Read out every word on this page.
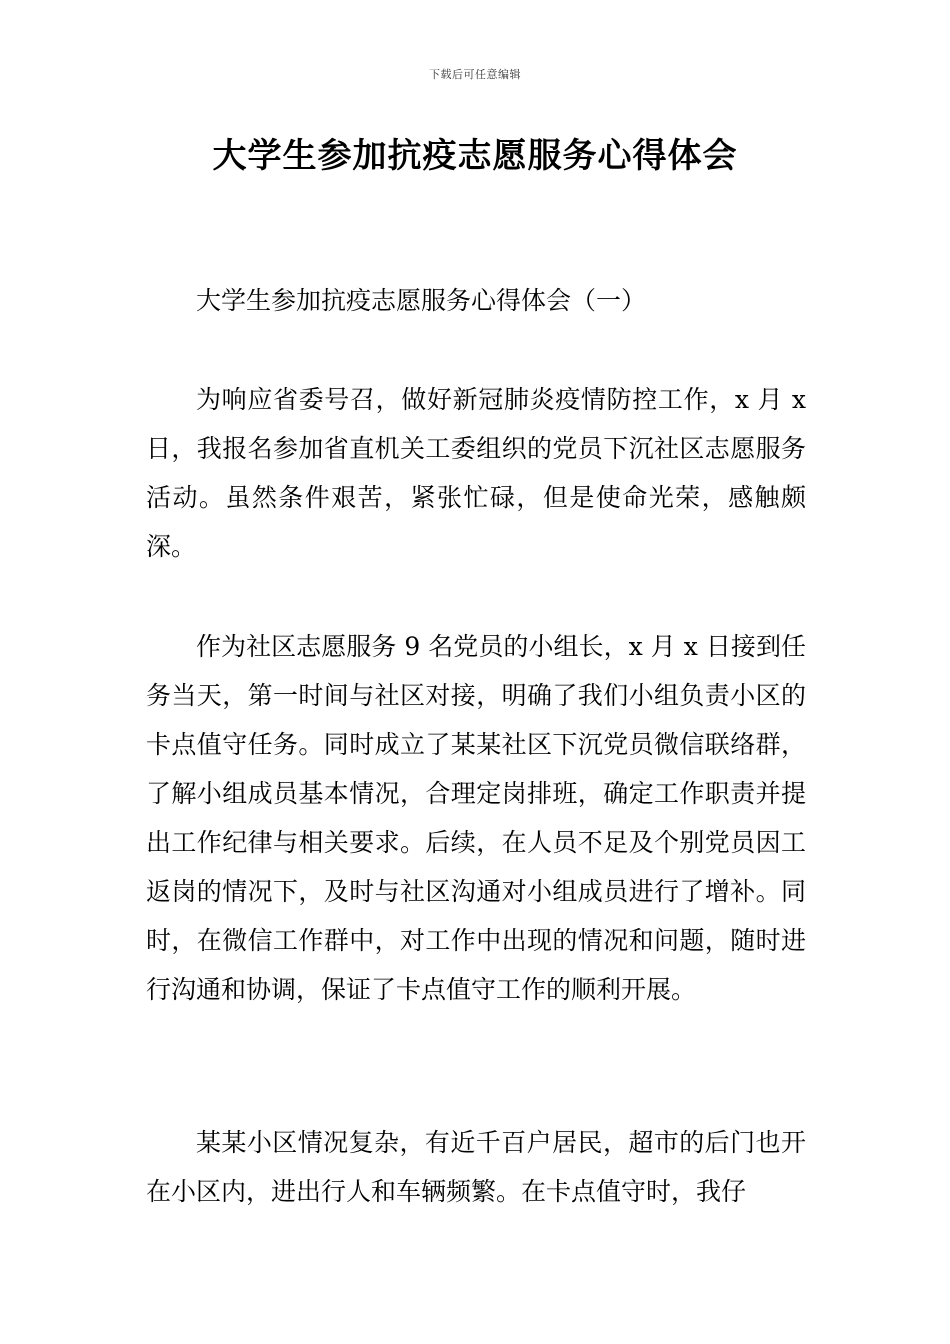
下载后可任意编辑
大学生参加抗疫志愿服务心得体会
大学生参加抗疫志愿服务心得体会（一）

为响应省委号召，做好新冠肺炎疫情防控工作，x 月 x 日，我报名参加省直机关工委组织的党员下沉社区志愿服务活动。虽然条件艰苦，紧张忙碌，但是使命光荣，感触颇深。

作为社区志愿服务 9 名党员的小组长，x 月 x 日接到任务当天，第一时间与社区对接，明确了我们小组负责小区的卡点值守任务。同时成立了某某社区下沉党员微信联络群，了解小组成员基本情况，合理定岗排班，确定工作职责并提出工作纪律与相关要求。后续，在人员不足及个别党员因工返岗的情况下，及时与社区沟通对小组成员进行了增补。同时，在微信工作群中，对工作中出现的情况和问题，随时进行沟通和协调，保证了卡点值守工作的顺利开展。

某某小区情况复杂，有近千百户居民，超市的后门也开在小区内，进出行人和车辆频繁。在卡点值守时，我仔
